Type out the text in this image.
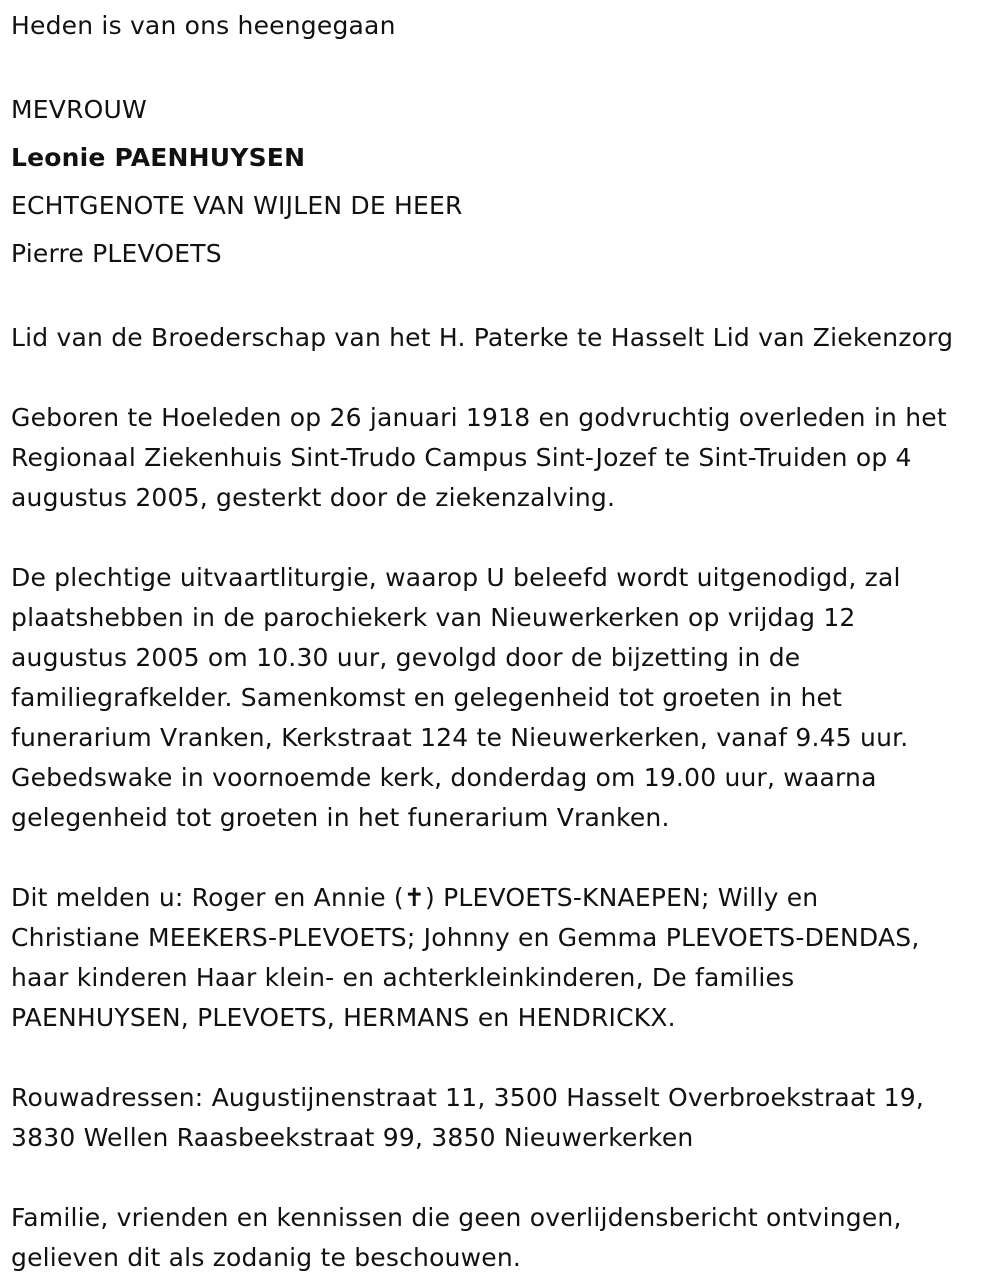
Heden is van ons heengegaan
MEVROUW
Leonie PAENHUYSEN
ECHTGENOTE VAN WIJLEN DE HEER
Pierre PLEVOETS

Lid van de Broederschap van het H. Paterke te Hasselt Lid van Ziekenzorg

Geboren te Hoeleden op 26 januari 1918 en godvruchtig overleden in het
Regionaal Ziekenhuis Sint-Trudo Campus Sint-Jozef te Sint-Truiden op 4
augustus 2005, gesterkt door de ziekenzalving.

De plechtige uitvaartliturgie, waarop U beleefd wordt uitgenodigd, zal
plaatshebben in de parochiekerk van Nieuwerkerken op vrijdag 12
augustus 2005 om 10.30 uur, gevolgd door de bijzetting in de
familiegrafkelder. Samenkomst en gelegenheid tot groeten in het
funerarium Vranken, Kerkstraat 124 te Nieuwerkerken, vanaf 9.45 uur.
Gebedswake in voornoemde kerk, donderdag om 19.00 uur, waarna
gelegenheid tot groeten in het funerarium Vranken.

Dit melden u: Roger en Annie (✝) PLEVOETS-KNAEPEN; Willy en
Christiane MEEKERS-PLEVOETS; Johnny en Gemma PLEVOETS-DENDAS,
haar kinderen Haar klein- en achterkleinkinderen, De families
PAENHUYSEN, PLEVOETS, HERMANS en HENDRICKX.

Rouwadressen: Augustijnenstraat 11, 3500 Hasselt Overbroekstraat 19,
3830 Wellen Raasbeekstraat 99, 3850 Nieuwerkerken

Familie, vrienden en kennissen die geen overlijdensbericht ontvingen,
gelieven dit als zodanig te beschouwen.
